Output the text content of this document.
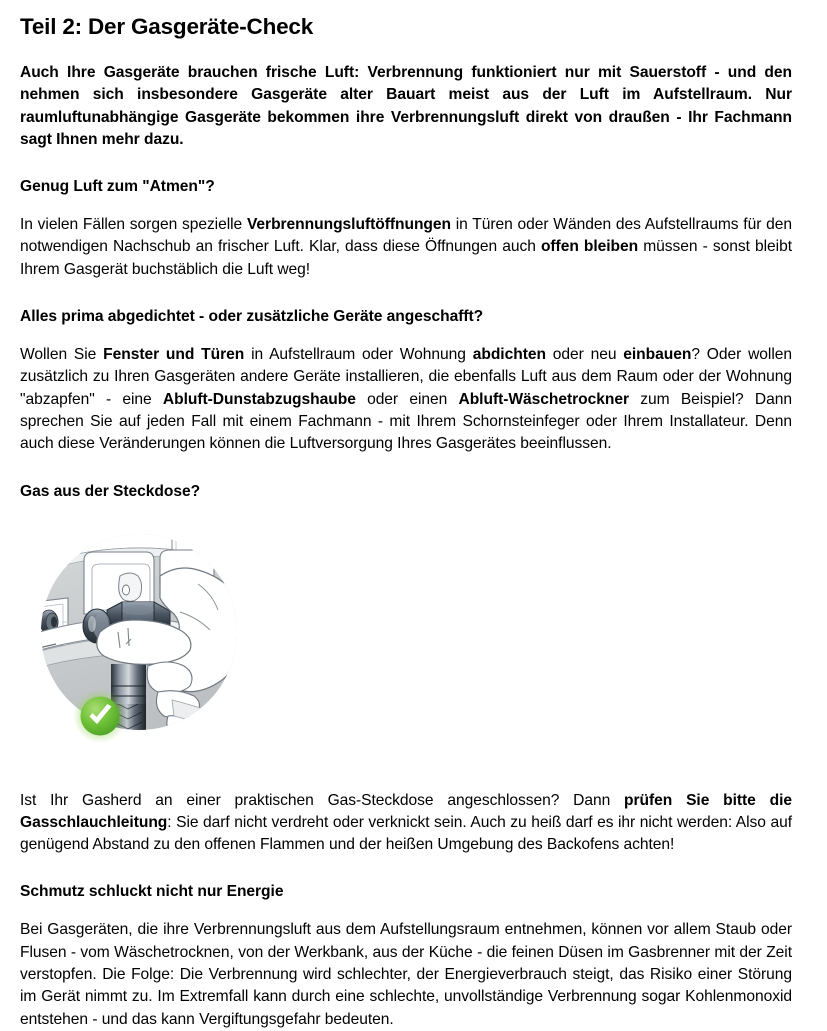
Teil 2: Der Gasgeräte-Check

Auch Ihre Gasgeräte brauchen frische Luft: Verbrennung funktioniert nur mit Sauerstoff - und den nehmen sich insbesondere Gasgeräte alter Bauart meist aus der Luft im Aufstellraum. Nur raumluftunabhängige Gasgeräte bekommen ihre Verbrennungsluft direkt von draußen - Ihr Fachmann sagt Ihnen mehr dazu.

Genug Luft zum "Atmen"?

In vielen Fällen sorgen spezielle Verbrennungsluftöffnungen in Türen oder Wänden des Aufstellraums für den notwendigen Nachschub an frischer Luft. Klar, dass diese Öffnungen auch offen bleiben müssen - sonst bleibt Ihrem Gasgerät buchstäblich die Luft weg!

Alles prima abgedichtet - oder zusätzliche Geräte angeschafft?

Wollen Sie Fenster und Türen in Aufstellraum oder Wohnung abdichten oder neu einbauen? Oder wollen zusätzlich zu Ihren Gasgeräten andere Geräte installieren, die ebenfalls Luft aus dem Raum oder der Wohnung "abzapfen" - eine Abluft-Dunstabzugshaube oder einen Abluft-Wäschetrockner zum Beispiel? Dann sprechen Sie auf jeden Fall mit einem Fachmann - mit Ihrem Schornsteinfeger oder Ihrem Installateur. Denn auch diese Veränderungen können die Luftversorgung Ihres Gasgerätes beeinflussen.

Gas aus der Steckdose?

Ist Ihr Gasherd an einer praktischen Gas-Steckdose angeschlossen? Dann prüfen Sie bitte die Gasschlauchleitung: Sie darf nicht verdreht oder verknickt sein. Auch zu heiß darf es ihr nicht werden: Also auf genügend Abstand zu den offenen Flammen und der heißen Umgebung des Backofens achten!

Schmutz schluckt nicht nur Energie

Bei Gasgeräten, die ihre Verbrennungsluft aus dem Aufstellungsraum entnehmen, können vor allem Staub oder Flusen - vom Wäschetrocknen, von der Werkbank, aus der Küche - die feinen Düsen im Gasbrenner mit der Zeit verstopfen. Die Folge: Die Verbrennung wird schlechter, der Energieverbrauch steigt, das Risiko einer Störung im Gerät nimmt zu. Im Extremfall kann durch eine schlechte, unvollständige Verbrennung sogar Kohlenmonoxid entstehen - und das kann Vergiftungsgefahr bedeuten.
